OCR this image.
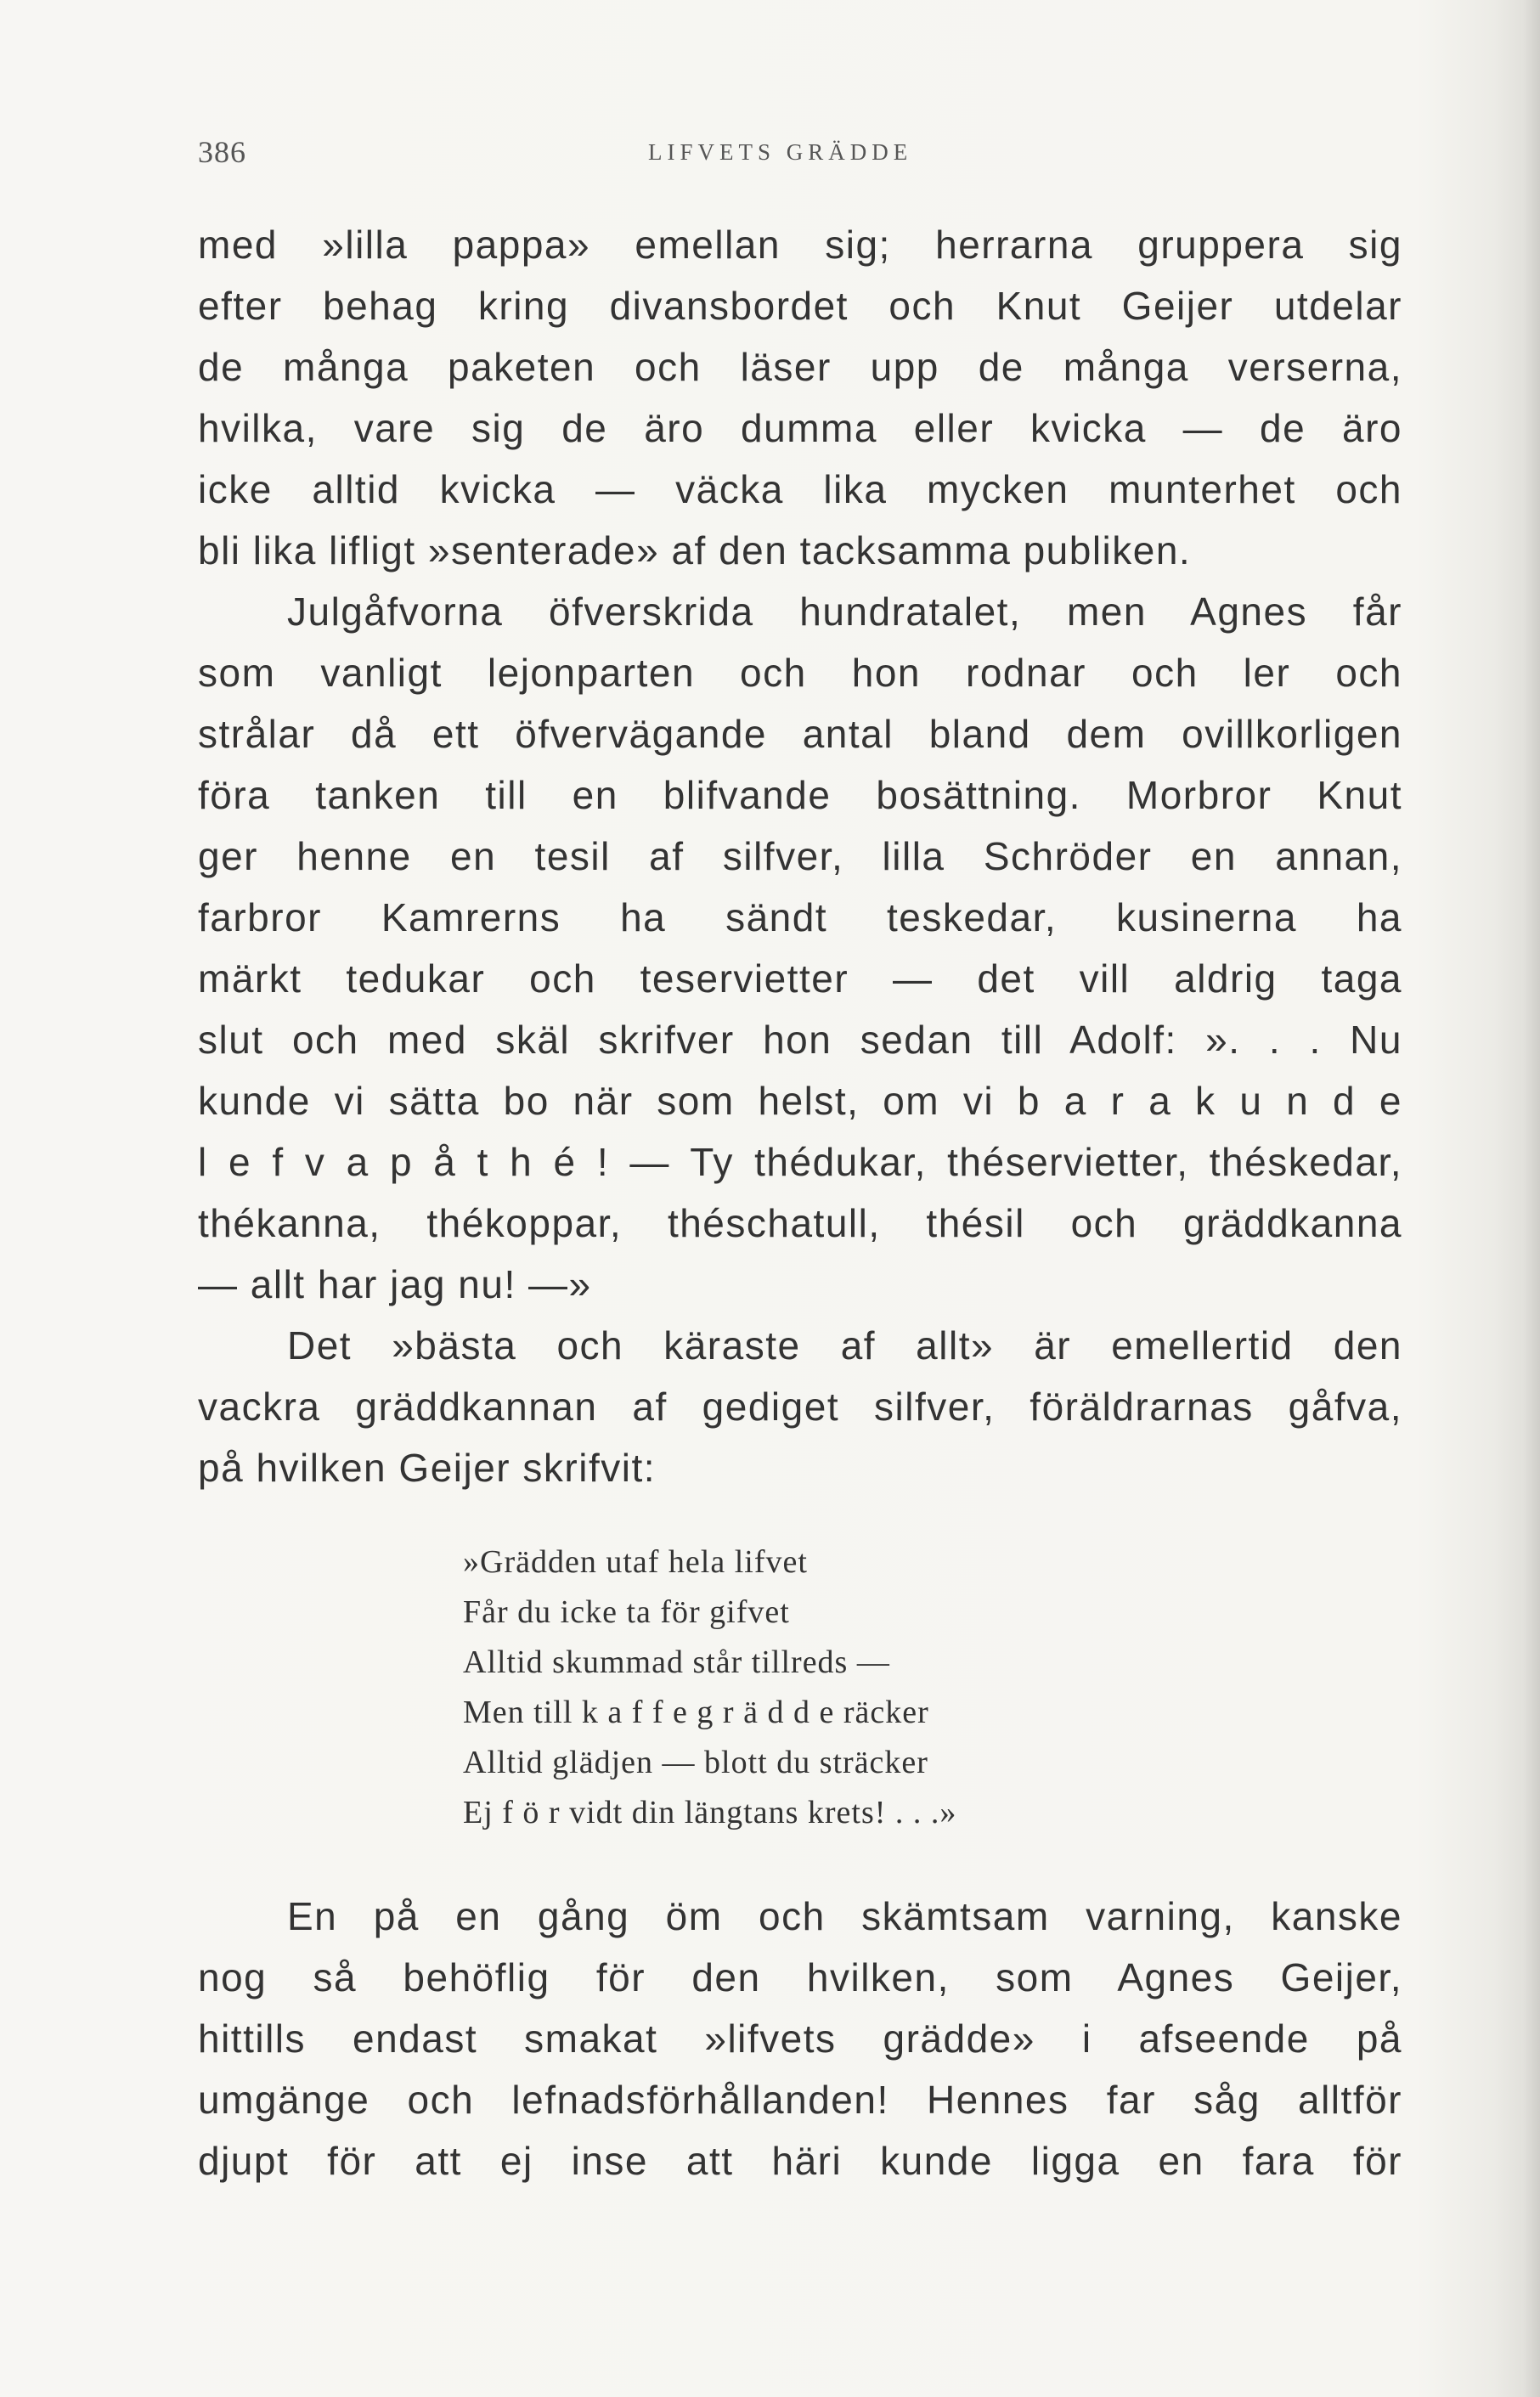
386	LIFVETS GRÄDDE
med »lilla pappa» emellan sig; herrarna gruppera sig
efter behag kring divansbordet och Knut Geijer utdelar
de många paketen och läser upp de många verserna,
hvilka, vare sig de äro dumma eller kvicka — de äro
icke alltid kvicka — väcka lika mycken munterhet och
bli lika lifligt »senterade» af den tacksamma publiken.
Julgåfvorna öfverskrida hundratalet, men Agnes får
som vanligt lejonparten och hon rodnar och ler och
strålar då ett öfvervägande antal bland dem ovillkorligen
föra tanken till en blifvande bosättning. Morbror Knut
ger henne en tesil af silfver, lilla Schröder en annan,
farbror Kamrerns ha sändt teskedar, kusinerna ha
märkt tedukar och teservietter — det vill aldrig taga
slut och med skäl skrifver hon sedan till Adolf: ». . . Nu
kunde vi sätta bo när som helst, om vi b a r a k u n d e
l e f v a p å t h é ! — Ty thédukar, théservietter, théskedar,
thékanna, thékoppar, théschatull, thésil och gräddkanna
— allt har jag nu! —»
Det »bästa och käraste af allt» är emellertid den
vackra gräddkannan af gediget silfver, föräldrarnas gåfva,
på hvilken Geijer skrifvit:
»Grädden utaf hela lifvet
Får du icke ta för gifvet
Alltid skummad står tillreds —
Men till k a f f e g r ä d d e räcker
Alltid glädjen — blott du sträcker
Ej f ö r vidt din längtans krets! . . .»
En på en gång öm och skämtsam varning, kanske
nog så behöflig för den hvilken, som Agnes Geijer,
hittills endast smakat »lifvets grädde» i afseende på
umgänge och lefnadsförhållanden! Hennes far såg alltför
djupt för att ej inse att häri kunde ligga en fara för
